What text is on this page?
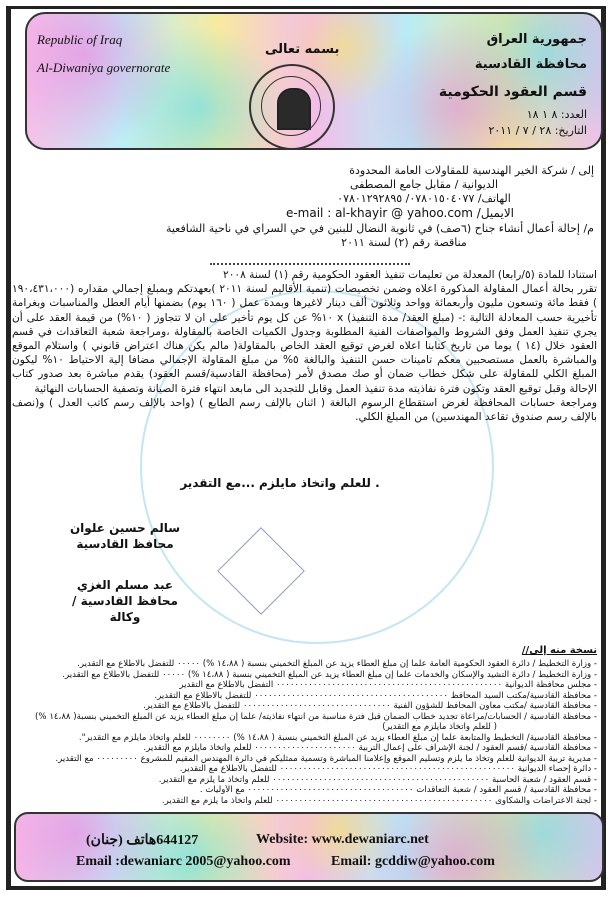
Republic of Iraq
Al-Diwaniya governorate
بسمه تعالى
جمهورية العراق
محافظة القادسية
قسم العقود الحكومية
العدد: ٨ ١ ١٨
التاريخ: ٢٨ / ٧ / ٢٠١١
إلى / شركة الخير الهندسية للمقاولات العامة المحدودة
الديوانية / مقابل جامع المصطفى
الهاتف/ ٠٧٨٠١٥٠٤٠٧٧/ ٠٧٨٠١٢٩٢٨٩٥
الايميل/ e-mail : al-khayir @ yahoo.com
م/ إحالة أعمال أنشاء جناح (٦صف) في ثانوية النضال للبنين في حي السراي في ناحية الشافعية
مناقصة رقم (٢) لسنة ٢٠١١
استنادا للمادة (٥/رابعا) المعدلة من تعليمات تنفيذ العقود الحكومية رقم (١) لسنة ٢٠٠٨
تقرر بحالة أعمال المقاولة المذكورة اعلاه وضمن تخصيصات (تنمية الأقاليم لسنة ٢٠١١ )بعهدتكم وبمبلغ إجمالي مقداره (١٩٠،٤٣١،٠٠٠ ) فقط مائة وتسعون مليون وأربعمائة وواحد وثلاثون ألف دينار لاغيرها وبمدة عمل ( ١٦٠ يوم) بضمنها أيام العطل والمناسبات وبغرامة تأخيرية حسب المعادلة التالية :- (مبلغ العقد/ مدة التنفيذ) x ١٠% عن كل يوم تأخير على ان لا تتجاوز ( ١٠%) من قيمة العقد على أن يجري تنفيذ العمل وفق الشروط والمواصفات الفنية المطلوبة وجدول الكميات الخاصة بالمقاولة ،ومراجعة شعبة التعاقدات في قسم العقود خلال (١٤ ) يوما من تاريخ كتابنا اعلاه لغرض توقيع العقد الخاص بالمقاولة( مالم يكن هناك اعتراض قانوني ) واستلام الموقع والمباشرة بالعمل مستصحبين معكم تامينات حسن التنفيذ والبالغة ٥% من مبلغ المقاولة الإجمالي مضافا إلية الاحتياط ١٠% ليكون المبلغ الكلي للمقاولة على شكل خطاب ضمان أو صك مصدق لأمر (محافظة القادسية/قسم العقود) يقدم مباشرة بعد صدور كتاب الإحالة وقبل توقيع العقد وتكون فترة نفاذيته مدة تنفيذ العمل وقابل للتجديد الى مابعد انتهاء فترة الصيانة وتصفية الحسابات النهائية
ومراجعة حسابات المحافظة لغرض استقطاع الرسوم البالغة ( اثنان بالإلف رسم الطابع ) (واحد بالإلف رسم كاتب العدل ) و(نصف بالإلف رسم صندوق تقاعد المهندسين) من المبلغ الكلي.
. للعلم واتخاذ مايلزم ...مع التقدير
سالم حسين علوان
محافظ القادسية
عبد مسلم الغزي
محافظ القادسية / وكالة
نسخة منه إلى//
- وزارة التخطيط / دائرة العقود الحكومية العامة علما إن مبلغ العطاء يزيد عن المبلغ التخميني بنسبة ( ١٤،٨٨ %) ٠٠٠٠٠ للتفضل بالاطلاع مع التقدير.
- وزارة التخطيط / دائرة التشيد والإسكان والخدمات علما إن مبلغ العطاء يزيد عن المبلغ التخميني بنسبة ( ١٤،٨٨ %) ٠٠٠٠٠ للتفضل بالاطلاع مع التقدير.
- مجلس محافظة الديوانية ٠٠٠٠٠٠٠٠٠٠٠٠٠٠٠٠٠٠٠٠٠٠٠٠٠٠٠٠٠٠٠٠٠٠٠٠٠٠٠٠٠٠٠٠٠٠٠٠٠ التفضل بالاطلاع مع التقدير
- محافظة القادسية/مكتب السيد المحافظ ٠٠٠٠٠٠٠٠٠٠٠٠٠٠٠٠٠٠٠٠٠٠٠٠٠٠٠٠٠٠٠٠٠٠٠٠٠٠٠٠٠٠ للتفضل بالاطلاع مع التقدير.
- محافظة القادسية /مكتب معاون المحافظ للشؤون الفنية ٠٠٠٠٠٠٠٠٠٠٠٠٠٠٠٠٠٠٠٠٠٠٠٠٠٠٠٠٠٠٠٠ للتفضل بالاطلاع مع التقدير.
- محافظة القادسية / الحسابات/مراعاة تجديد خطاب الضمان قبل فترة مناسبة من انتهاء نفاذيته/ علما إن مبلغ العطاء يزيد عن المبلغ التخميني بنسبة( ١٤،٨٨ %)
( للعلم واتخاذ مايلزم مع التقدير)
- محافظة القادسية/ التخطيط والمتابعة علما إن مبلغ العطاء يزيد عن المبلغ التخميني بنسبة ( ١٤،٨٨ %) ٠٠٠٠٠٠٠٠ للعلم واتخاذ مايلزم مع التقدير".
- محافظة القادسية /قسم العقود / لجنة الإشراف على إعمال التربية ٠٠٠٠٠٠٠٠٠٠٠٠٠٠٠٠٠٠٠٠٠٠ للعلم واتخاذ مايلزم مع التقدير.
- مديرية تربية الديوانية للعلم وتخاذ ما يلزم وتسليم الموقع وإعلامنا المباشرة وتسمية ممثليكم في دائرة المهندس المقيم للمشروع ٠٠٠٠٠٠٠٠٠ مع التقدير.
- دائرة إحصاء الديوانية ٠٠٠٠٠٠٠٠٠٠٠٠٠٠٠٠٠٠٠٠٠٠٠٠٠٠٠٠٠٠٠٠٠٠٠٠٠٠٠٠٠٠٠٠٠٠٠٠٠٠٠ للتفضل بالاطلاع مع التقدير.
- قسم العقود / شعبة الحاسبة ٠٠٠٠٠٠٠٠٠٠٠٠٠٠٠٠٠٠٠٠٠٠٠٠٠٠٠٠٠٠٠٠٠٠٠٠٠٠٠٠٠٠٠٠٠٠٠ للعلم واتخاذ ما يلزم مع التقدير.
- محافظة القادسية / قسم العقود / شعبة التعاقدات ٠٠٠٠٠٠٠٠٠٠٠٠٠٠٠٠٠٠٠٠٠٠٠٠٠٠٠٠٠٠٠٠٠٠٠٠ مع الأوليات .
- لجنة الاعتراضات والشكاوى ٠٠٠٠٠٠٠٠٠٠٠٠٠٠٠٠٠٠٠٠٠٠٠٠٠٠٠٠٠٠٠٠٠٠٠٠٠٠٠٠٠٠٠٠٠٠٠ للعلم واتخاذ ما يلزم مع التقدير.
644127هاتف (جنان)	Website: www.dewaniarc.net
Email :dewaniarc 2005@yahoo.com	Email: gcddiw@yahoo.com
